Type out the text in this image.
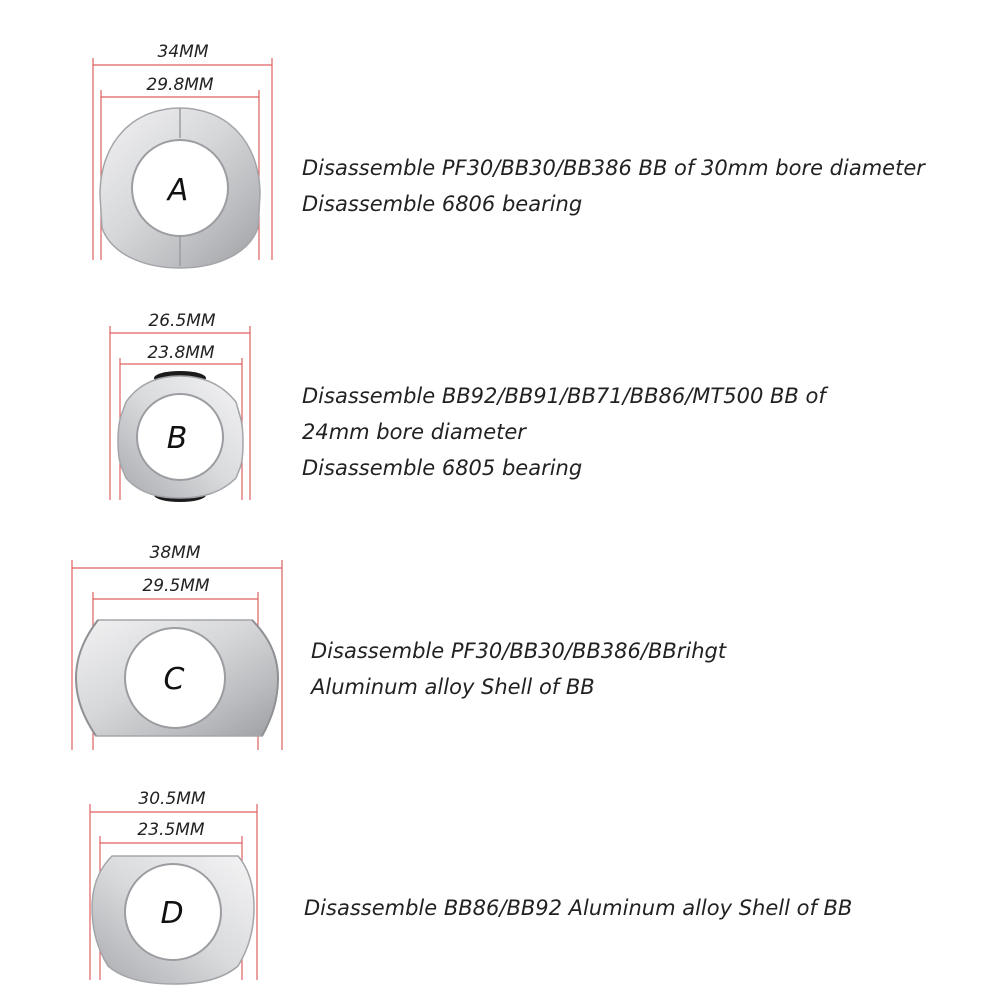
34MM
29.8MM
A
Disassemble PF30/BB30/BB386 BB of 30mm bore diameter
Disassemble 6806 bearing
26.5MM
23.8MM
B
Disassemble BB92/BB91/BB71/BB86/MT500 BB of
24mm bore diameter
Disassemble 6805 bearing
38MM
29.5MM
C
Disassemble PF30/BB30/BB386/BBrihgt
Aluminum alloy Shell of BB
30.5MM
23.5MM
D	Disassemble BB86/BB92 Aluminum alloy Shell of BB
